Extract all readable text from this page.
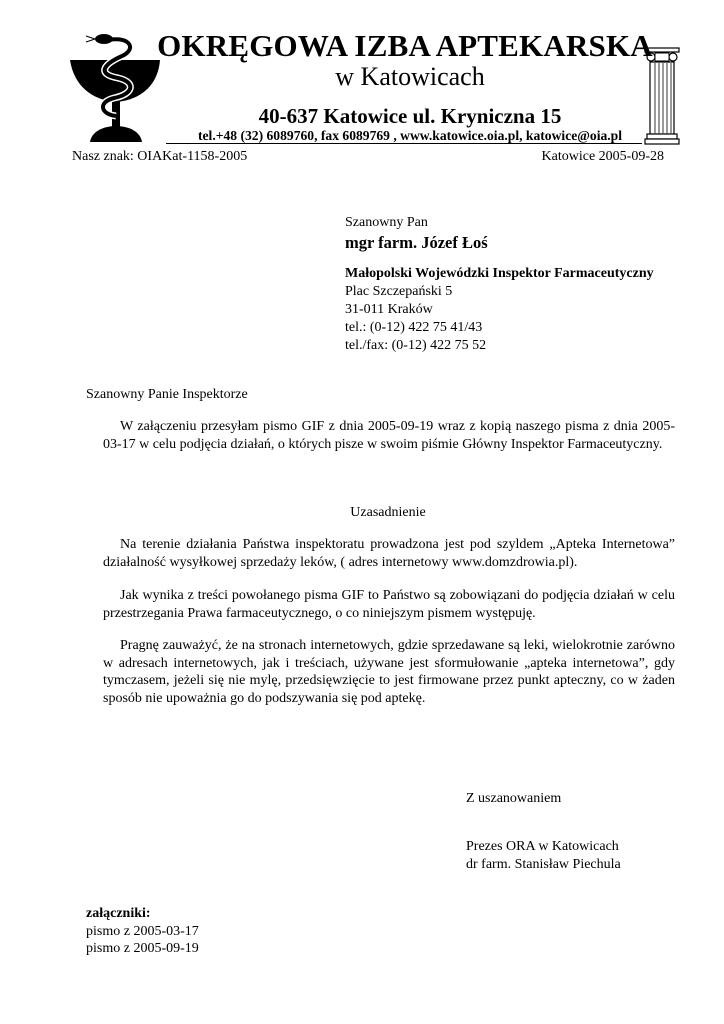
OKRĘGOWA IZBA APTEKARSKA
w Katowicach
40-637 Katowice ul. Kryniczna 15
tel.+48 (32) 6089760, fax 6089769 , www.katowice.oia.pl, katowice@oia.pl
Nasz znak: OIAKat-1158-2005	Katowice 2005-09-28
Szanowny Pan
mgr farm. Józef Łoś
Małopolski Wojewódzki Inspektor Farmaceutyczny
Plac Szczepański 5
31-011 Kraków
tel.: (0-12) 422 75 41/43
tel./fax: (0-12) 422 75 52
Szanowny Panie Inspektorze
W załączeniu przesyłam pismo GIF z dnia 2005-09-19 wraz z kopią naszego pisma z dnia 2005-03-17 w celu podjęcia działań, o których pisze w swoim piśmie Główny Inspektor Farmaceutyczny.
Uzasadnienie
Na terenie działania Państwa inspektoratu prowadzona jest pod szyldem „Apteka Internetowa” działalność wysyłkowej sprzedaży leków, ( adres internetowy www.domzdrowia.pl).
Jak wynika z treści powołanego pisma GIF to Państwo są zobowiązani do podjęcia działań w celu przestrzegania Prawa farmaceutycznego, o co niniejszym pismem występuję.
Pragnę zauważyć, że na stronach internetowych, gdzie sprzedawane są leki, wielokrotnie zarówno w adresach internetowych, jak i treściach, używane jest sformułowanie „apteka internetowa”, gdy tymczasem, jeżeli się nie mylę, przedsięwzięcie to jest firmowane przez punkt apteczny, co w żaden sposób nie upoważnia go do podszywania się pod aptekę.
Z uszanowaniem
Prezes ORA w Katowicach
dr farm. Stanisław Piechula
załączniki:
pismo z 2005-03-17
pismo z 2005-09-19
